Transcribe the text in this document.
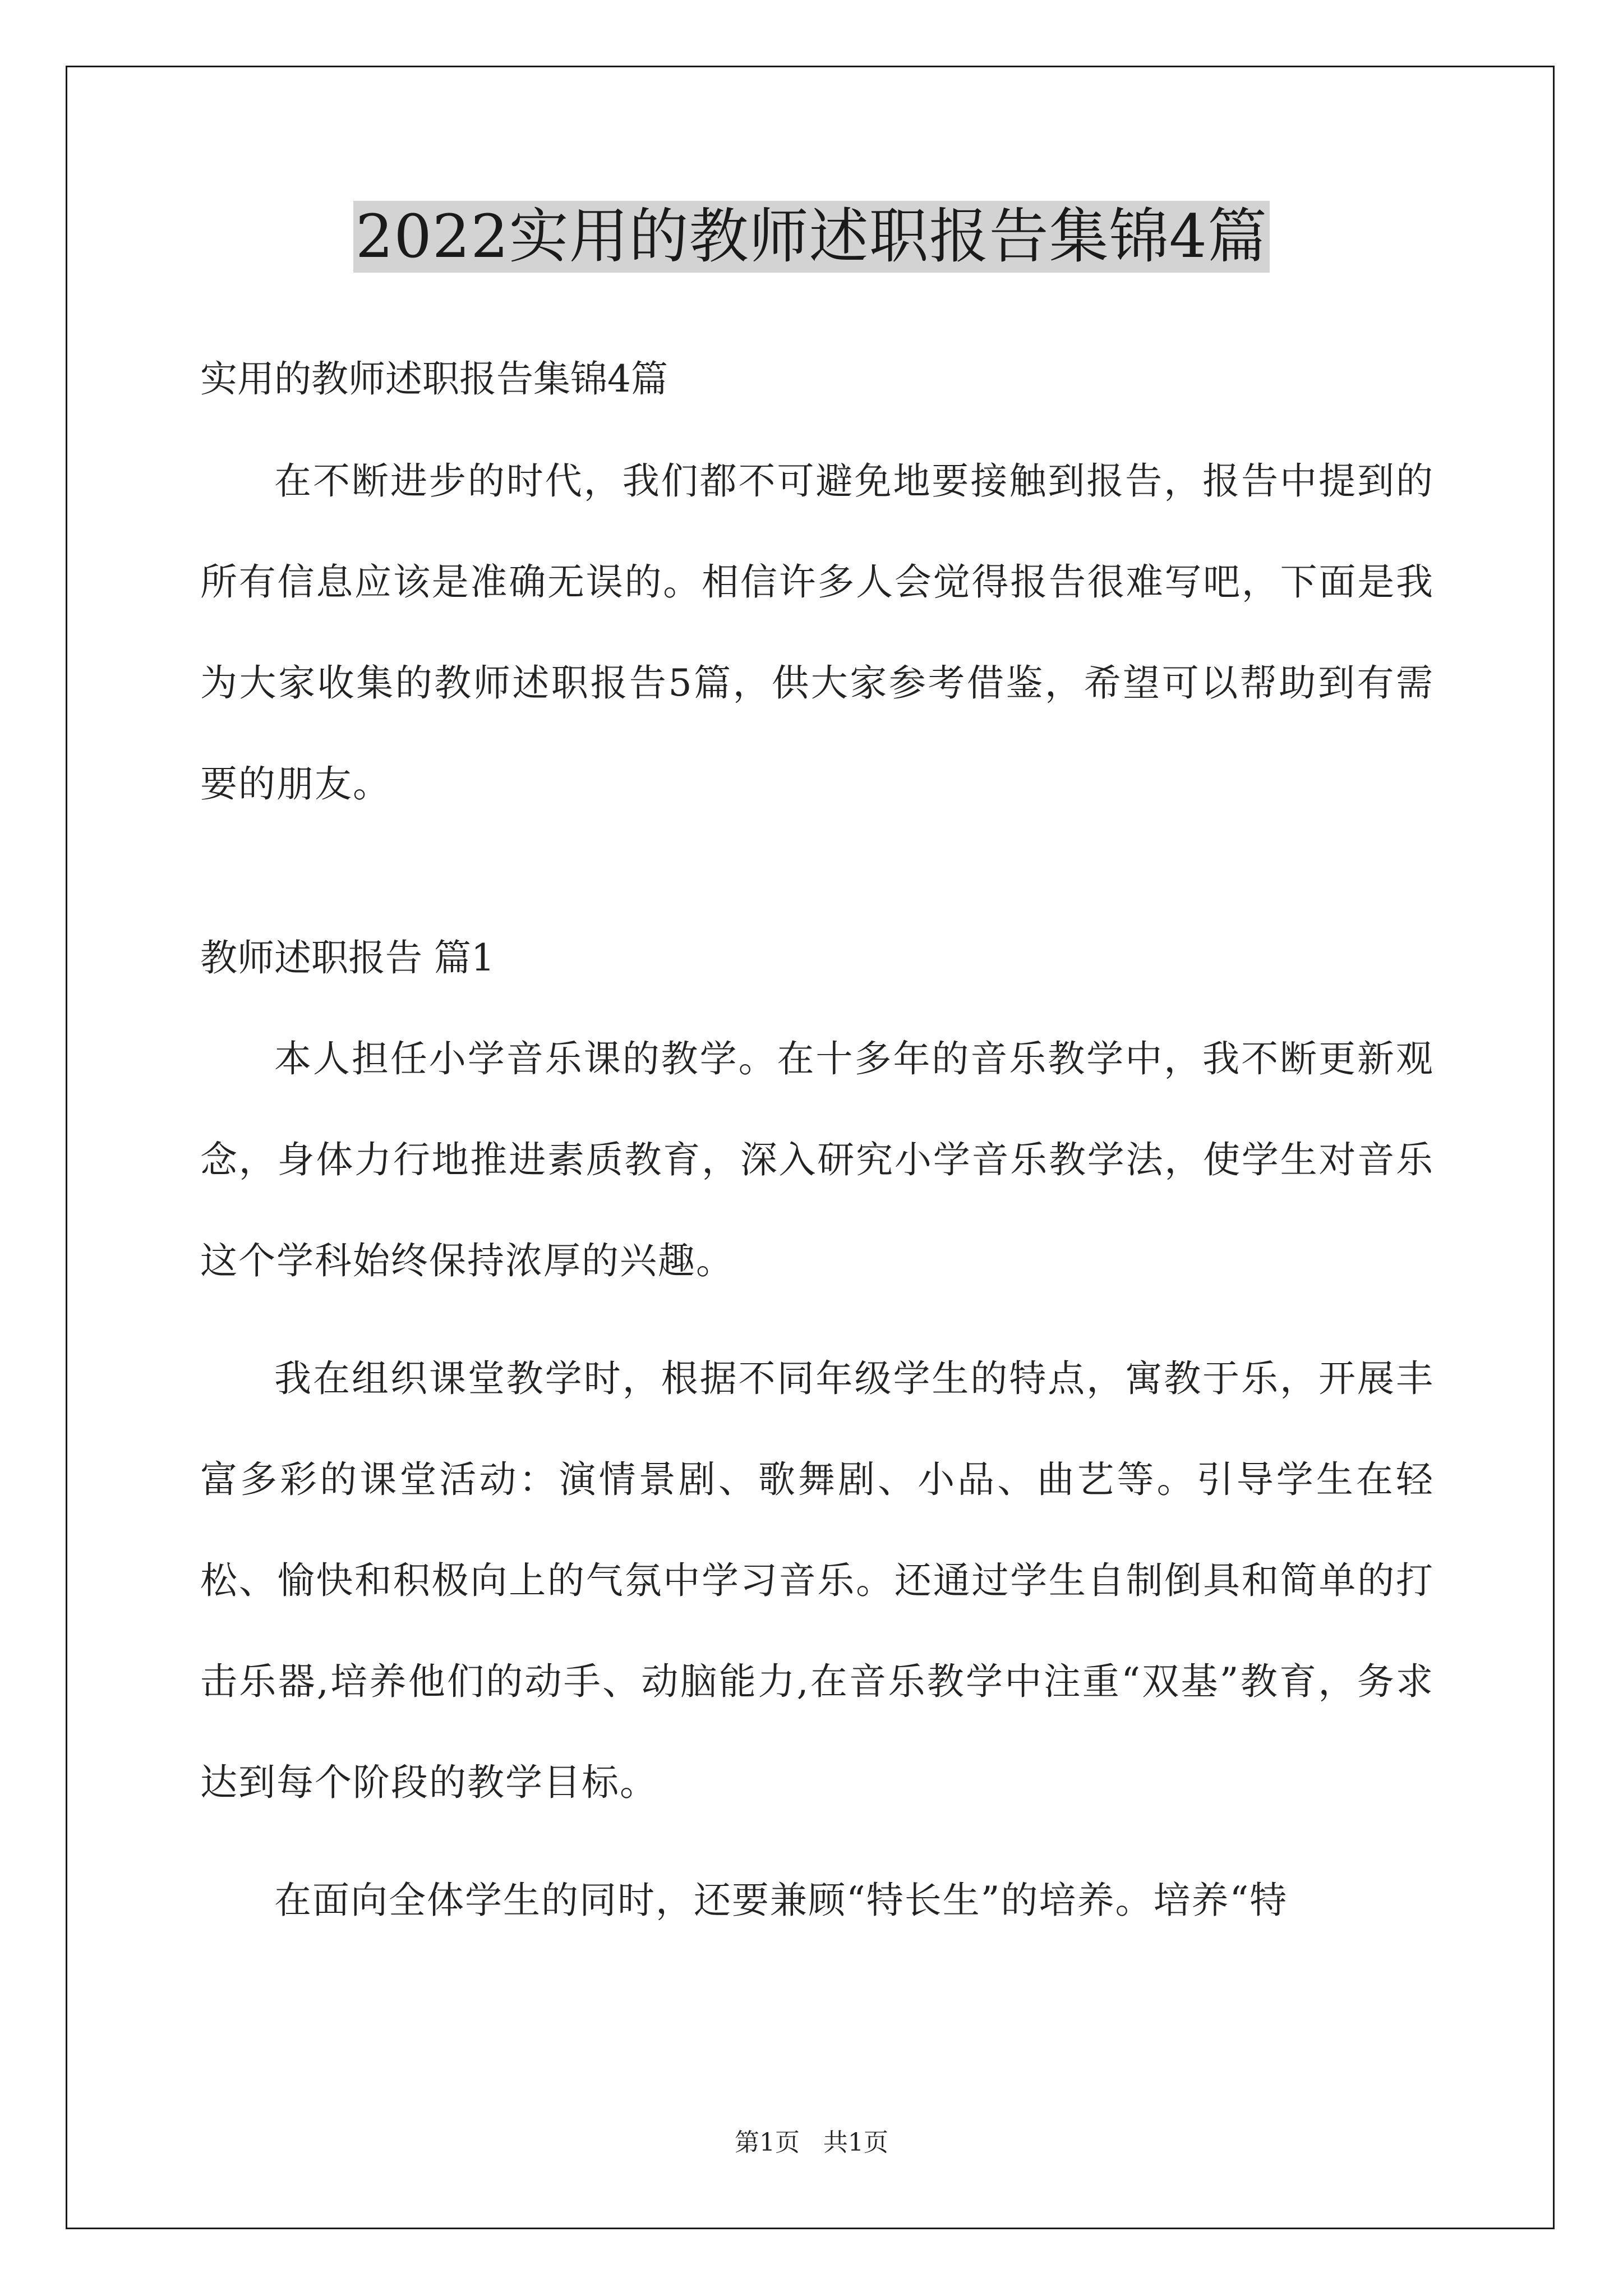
2022实用的教师述职报告集锦4篇

实用的教师述职报告集锦4篇

在不断进步的时代，我们都不可避免地要接触到报告，报告中提到的所有信息应该是准确无误的。相信许多人会觉得报告很难写吧，下面是我为大家收集的教师述职报告5篇，供大家参考借鉴，希望可以帮助到有需要的朋友。

教师述职报告 篇1

本人担任小学音乐课的教学。在十多年的音乐教学中，我不断更新观念，身体力行地推进素质教育，深入研究小学音乐教学法，使学生对音乐这个学科始终保持浓厚的兴趣。

我在组织课堂教学时，根据不同年级学生的特点，寓教于乐，开展丰富多彩的课堂活动：演情景剧、歌舞剧、小品、曲艺等。引导学生在轻松、愉快和积极向上的气氛中学习音乐。还通过学生自制倒具和简单的打击乐器,培养他们的动手、动脑能力,在音乐教学中注重“双基”教育，务求达到每个阶段的教学目标。

在面向全体学生的同时，还要兼顾“特长生”的培养。培养“特

第1页 共1页
